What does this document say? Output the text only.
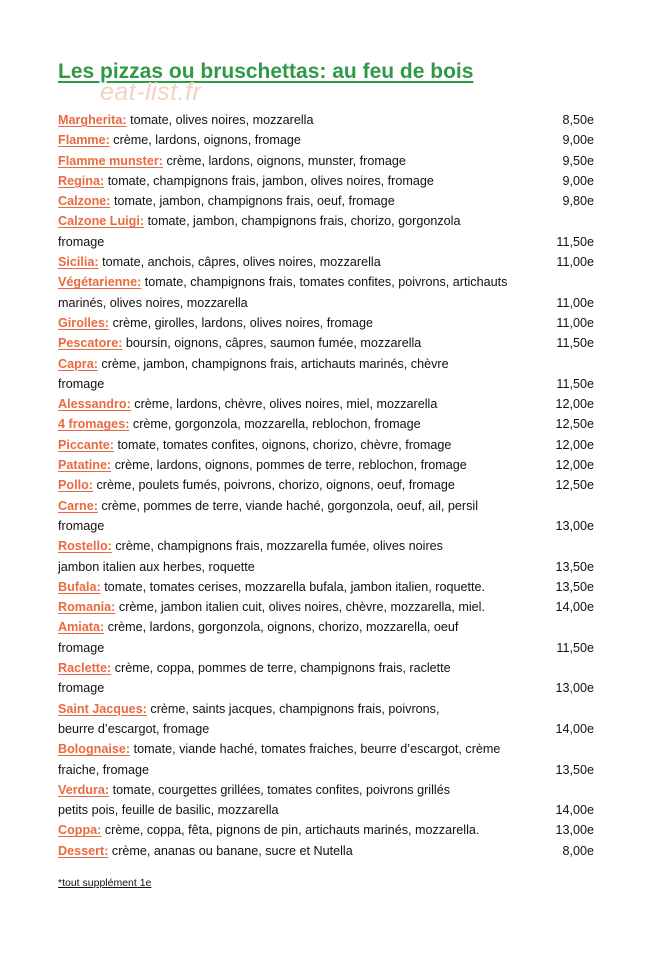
Les pizzas ou bruschettas: au feu de bois
eat-list.fr
Margherita: tomate, olives noires, mozzarella	8,50e
Flamme: crème, lardons, oignons, fromage	9,00e
Flamme munster: crème, lardons, oignons, munster, fromage	9,50e
Regina: tomate, champignons frais, jambon, olives noires, fromage	9,00e
Calzone: tomate, jambon, champignons frais, oeuf, fromage	9,80e
Calzone Luigi: tomate, jambon, champignons frais, chorizo, gorgonzola
fromage	11,50e
Sicilia: tomate, anchois, câpres, olives noires, mozzarella	11,00e
Végétarienne: tomate, champignons frais, tomates confites, poivrons, artichauts
marinés, olives noires, mozzarella	11,00e
Girolles: crème, girolles, lardons, olives noires, fromage	11,00e
Pescatore: boursin, oignons, câpres, saumon fumée, mozzarella	11,50e
Capra: crème, jambon, champignons frais, artichauts marinés, chèvre
fromage	11,50e
Alessandro: crème, lardons, chèvre, olives noires, miel, mozzarella	12,00e
4 fromages: crème, gorgonzola, mozzarella, reblochon, fromage	12,50e
Piccante: tomate, tomates confites, oignons, chorizo, chèvre, fromage	12,00e
Patatine: crème, lardons, oignons, pommes de terre, reblochon, fromage	12,00e
Pollo: crème, poulets fumés, poivrons, chorizo, oignons, oeuf, fromage	12,50e
Carne: crème, pommes de terre, viande haché, gorgonzola, oeuf, ail, persil
fromage	13,00e
Rostello: crème, champignons frais, mozzarella fumée, olives noires
jambon italien aux herbes, roquette	13,50e
Bufala: tomate, tomates cerises, mozzarella bufala, jambon italien, roquette.	13,50e
Romania: crème, jambon italien cuit, olives noires, chèvre, mozzarella, miel.	14,00e
Amiata: crème, lardons, gorgonzola, oignons, chorizo, mozzarella, oeuf
fromage	11,50e
Raclette: crème, coppa, pommes de terre, champignons frais, raclette
fromage	13,00e
Saint Jacques: crème, saints jacques, champignons frais, poivrons,
beurre d’escargot, fromage	14,00e
Bolognaise: tomate, viande haché, tomates fraiches, beurre d’escargot, crème
fraiche, fromage	13,50e
Verdura: tomate, courgettes grillées, tomates confites, poivrons grillés
petits pois, feuille de basilic, mozzarella	14,00e
Coppa: crème, coppa, fêta, pignons de pin, artichauts marinés, mozzarella.	13,00e
Dessert: crème, ananas ou banane, sucre et Nutella	8,00e
*tout supplément 1e
